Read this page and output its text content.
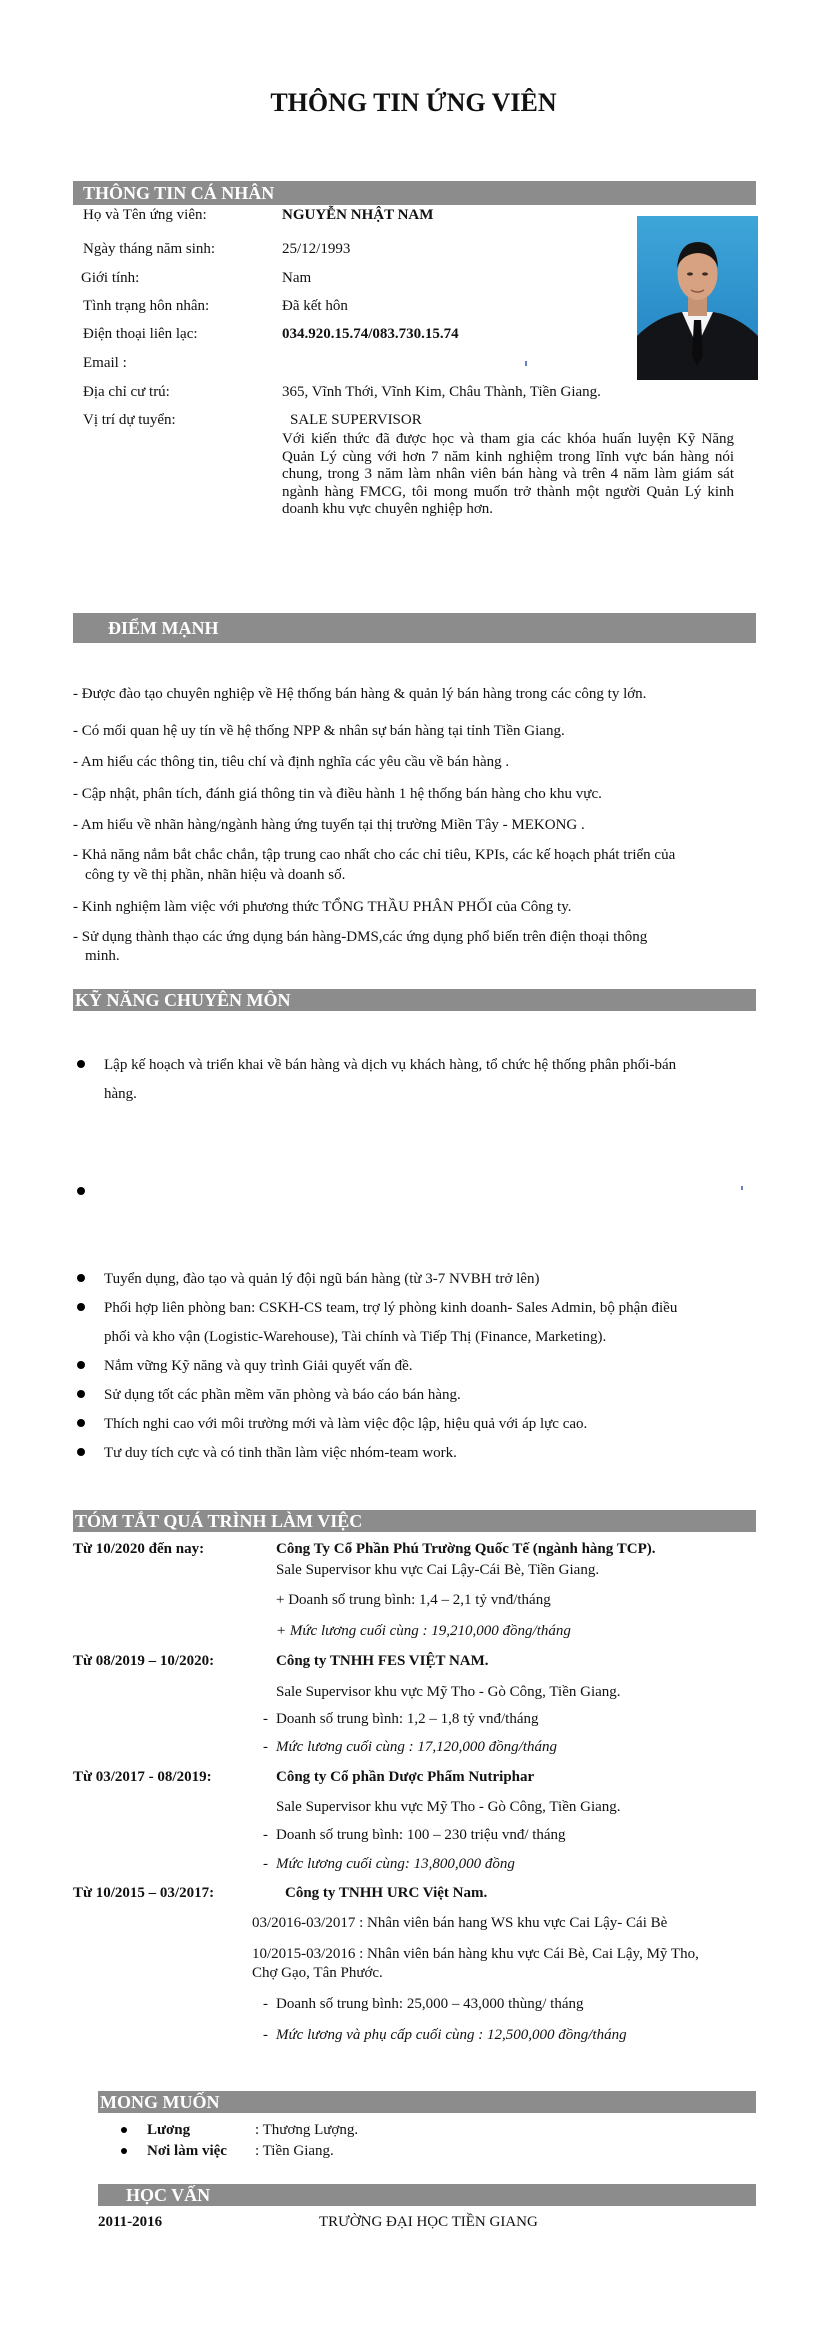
THÔNG TIN ỨNG VIÊN
THÔNG TIN CÁ NHÂN
Họ và Tên ứng viên:	NGUYỄN NHẬT NAM
Ngày tháng năm sinh:	25/12/1993
Giới tính:	Nam
Tình trạng hôn nhân:	Đã kết hôn
Điện thoại liên lạc:	034.920.15.74/083.730.15.74
Email :
Địa chỉ cư trú:	365, Vĩnh Thới, Vĩnh Kim, Châu Thành, Tiền Giang.
Vị trí dự tuyển:	SALE SUPERVISOR
Với kiến thức đã được học và tham gia các khóa huấn luyện Kỹ Năng Quản Lý cùng với hơn 7 năm kinh nghiệm trong lĩnh vực bán hàng nói chung, trong 3 năm làm nhân viên bán hàng và trên 4 năm làm giám sát ngành hàng FMCG, tôi mong muốn trở thành một người Quản Lý kinh doanh khu vực chuyên nghiệp hơn.
ĐIỂM MẠNH
- Được đào tạo chuyên nghiệp về Hệ thống bán hàng & quản lý bán hàng trong các công ty lớn.
- Có mối quan hệ uy tín về hệ thống NPP & nhân sự bán hàng tại tỉnh Tiền Giang.
- Am hiểu các thông tin, tiêu chí và định nghĩa các yêu cầu về bán hàng .
- Cập nhật, phân tích, đánh giá thông tin và điều hành 1 hệ thống bán hàng cho khu vực.
- Am hiểu về nhãn hàng/ngành hàng ứng tuyển tại thị trường Miền Tây - MEKONG .
- Khả năng nắm bắt chắc chắn, tập trung cao nhất cho các chỉ tiêu, KPIs, các kế hoạch phát triển của
công ty về thị phần, nhãn hiệu và doanh số.
- Kinh nghiệm làm việc với phương thức TỔNG THẦU PHÂN PHỐI của Công ty.
- Sử dụng thành thạo các ứng dụng bán hàng-DMS,các ứng dụng phổ biến trên điện thoại thông
minh.
KỸ NĂNG CHUYÊN MÔN
Lập kế hoạch và triển khai về bán hàng và dịch vụ khách hàng, tổ chức hệ thống phân phối-bán
hàng.
Tuyển dụng, đào tạo và quản lý đội ngũ bán hàng (từ 3-7 NVBH trở lên)
Phối hợp liên phòng ban: CSKH-CS team, trợ lý phòng kinh doanh- Sales Admin, bộ phận điều
phối và kho vận (Logistic-Warehouse), Tài chính và Tiếp Thị (Finance, Marketing).
Nắm vững Kỹ năng và quy trình Giải quyết vấn đề.
Sử dụng tốt các phần mềm văn phòng và báo cáo bán hàng.
Thích nghi cao với môi trường mới và làm việc độc lập, hiệu quả với áp lực cao.
Tư duy tích cực và có tinh thần làm việc nhóm-team work.
TÓM TẮT QUÁ TRÌNH LÀM VIỆC
Từ 10/2020 đến nay:	Công Ty Cổ Phần Phú Trường Quốc Tế (ngành hàng TCP).
Sale Supervisor khu vực Cai Lậy-Cái Bè, Tiền Giang.
+ Doanh số trung bình: 1,4 – 2,1 tỷ vnđ/tháng
+ Mức lương cuối cùng : 19,210,000 đồng/tháng
Từ 08/2019 – 10/2020:	Công ty TNHH FES VIỆT NAM.
Sale Supervisor khu vực Mỹ Tho - Gò Công, Tiền Giang.
- Doanh số trung bình: 1,2 – 1,8 tỷ vnđ/tháng
- Mức lương cuối cùng : 17,120,000 đồng/tháng
Từ 03/2017 - 08/2019:	Công ty Cổ phần Dược Phẩm Nutriphar
Sale Supervisor khu vực Mỹ Tho - Gò Công, Tiền Giang.
- Doanh số trung bình: 100 – 230 triệu vnđ/ tháng
- Mức lương cuối cùng: 13,800,000 đồng
Từ 10/2015 – 03/2017:	Công ty TNHH URC Việt Nam.
03/2016-03/2017 : Nhân viên bán hang WS khu vực Cai Lậy- Cái Bè
10/2015-03/2016 : Nhân viên bán hàng khu vực Cái Bè, Cai Lậy, Mỹ Tho,
Chợ Gạo, Tân Phước.
- Doanh số trung bình: 25,000 – 43,000 thùng/ tháng
- Mức lương và phụ cấp cuối cùng : 12,500,000 đồng/tháng
MONG MUỐN
Lương	: Thương Lượng.
Nơi làm việc : Tiền Giang.
HỌC VẤN
2011-2016	TRƯỜNG ĐẠI HỌC TIỀN GIANG
